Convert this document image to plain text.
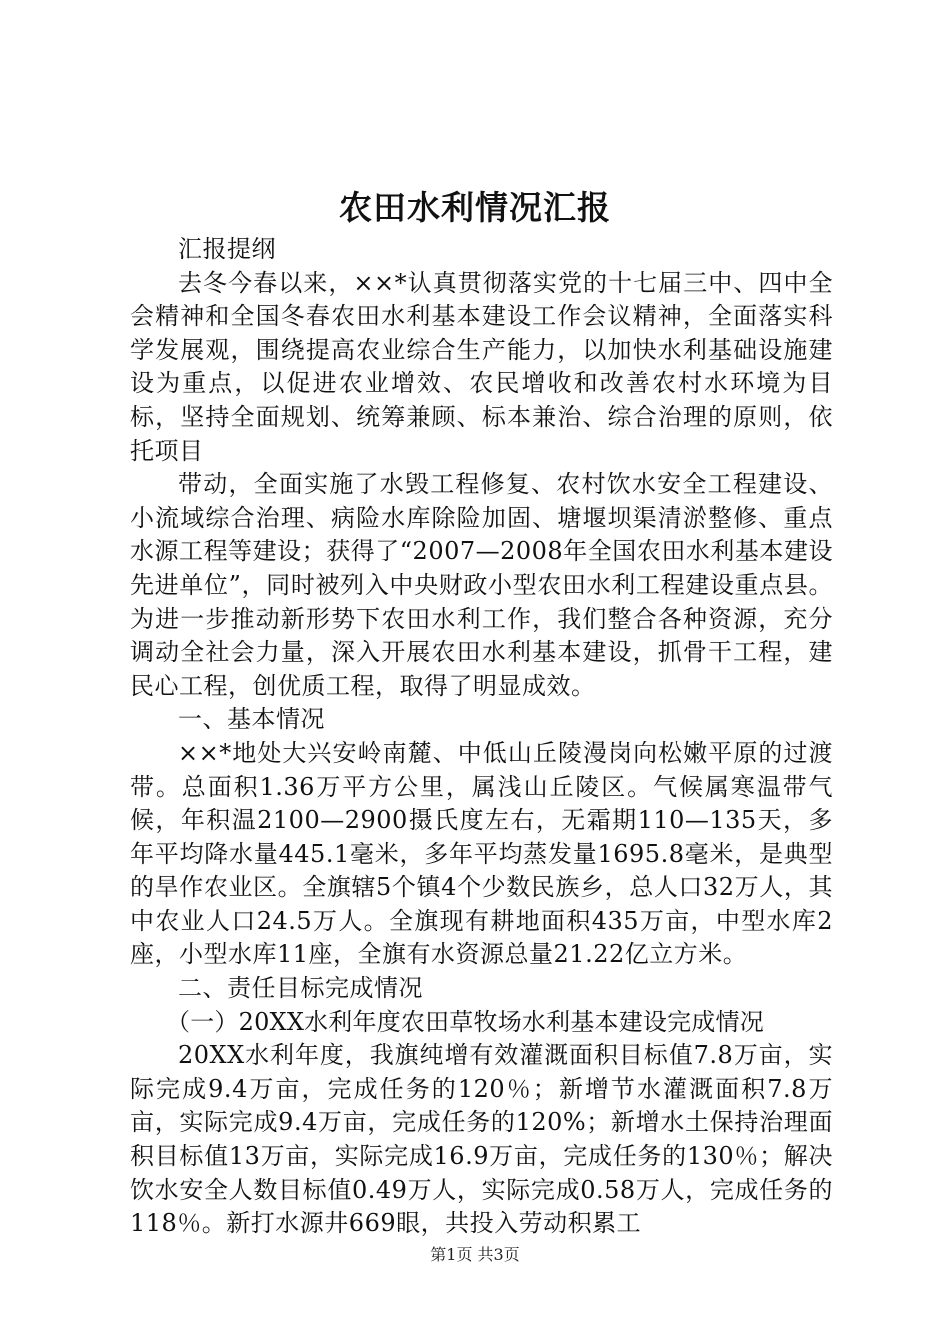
农田水利情况汇报

汇报提纲

去冬今春以来，××*认真贯彻落实党的十七届三中、四中全会精神和全国冬春农田水利基本建设工作会议精神，全面落实科学发展观，围绕提高农业综合生产能力，以加快水利基础设施建设为重点，以促进农业增效、农民增收和改善农村水环境为目标，坚持全面规划、统筹兼顾、标本兼治、综合治理的原则，依托项目

带动，全面实施了水毁工程修复、农村饮水安全工程建设、小流域综合治理、病险水库除险加固、塘堰坝渠清淤整修、重点水源工程等建设；获得了“2007—2008年全国农田水利基本建设先进单位”，同时被列入中央财政小型农田水利工程建设重点县。为进一步推动新形势下农田水利工作，我们整合各种资源，充分调动全社会力量，深入开展农田水利基本建设，抓骨干工程，建民心工程，创优质工程，取得了明显成效。

一、基本情况

××*地处大兴安岭南麓、中低山丘陵漫岗向松嫩平原的过渡带。总面积1.36万平方公里，属浅山丘陵区。气候属寒温带气候，年积温2100—2900摄氏度左右，无霜期110—135天，多年平均降水量445.1毫米，多年平均蒸发量1695.8毫米，是典型的旱作农业区。全旗辖5个镇4个少数民族乡，总人口32万人，其中农业人口24.5万人。全旗现有耕地面积435万亩，中型水库2座，小型水库11座，全旗有水资源总量21.22亿立方米。

二、责任目标完成情况

（一）20XX水利年度农田草牧场水利基本建设完成情况

20XX水利年度，我旗纯增有效灌溉面积目标值7.8万亩，实际完成9.4万亩，完成任务的120％；新增节水灌溉面积7.8万亩，实际完成9.4万亩，完成任务的120%；新增水土保持治理面积目标值13万亩，实际完成16.9万亩，完成任务的130％；解决饮水安全人数目标值0.49万人，实际完成0.58万人，完成任务的118％。新打水源井669眼，共投入劳动积累工

第1页 共3页
